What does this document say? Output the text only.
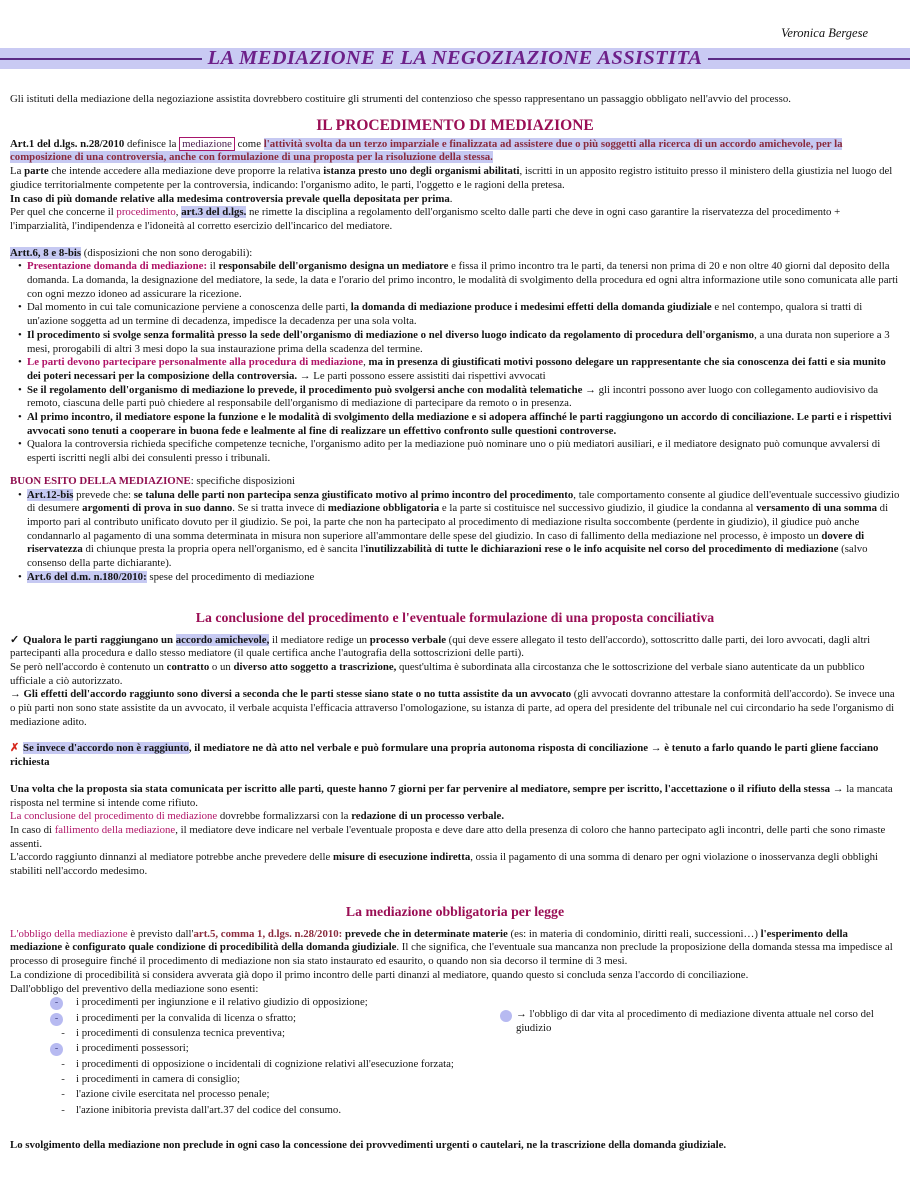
Veronica Bergese
LA MEDIAZIONE E LA NEGOZIAZIONE ASSISTITA
Gli istituti della mediazione della negoziazione assistita dovrebbero costituire gli strumenti del contenzioso che spesso rappresentano un passaggio obbligato nell'avvio del processo.
IL PROCEDIMENTO DI MEDIAZIONE
Art.1 del d.lgs. n.28/2010 definisce la mediazione come l'attività svolta da un terzo imparziale e finalizzata ad assistere due o più soggetti alla ricerca di un accordo amichevole, per la composizione di una controversia, anche con formulazione di una proposta per la risoluzione della stessa.
La parte che intende accedere alla mediazione deve proporre la relativa istanza presto uno degli organismi abilitati, iscritti in un apposito registro istituito presso il ministero della giustizia nel luogo del giudice territorialmente competente per la controversia, indicando: l'organismo adito, le parti, l'oggetto e le ragioni della pretesa.
In caso di più domande relative alla medesima controversia prevale quella depositata per prima.
Per quel che concerne il procedimento, art.3 del d.lgs. ne rimette la disciplina a regolamento dell'organismo scelto dalle parti che deve in ogni caso garantire la riservatezza del procedimento + l'imparzialità, l'indipendenza e l'idoneità al corretto esercizio dell'incarico del mediatore.
Artt.6, 8 e 8-bis (disposizioni che non sono derogabili):
• Presentazione domanda di mediazione: il responsabile dell'organismo designa un mediatore e fissa il primo incontro tra le parti, da tenersi non prima di 20 e non oltre 40 giorni dal deposito della domanda. La domanda, la designazione del mediatore, la sede, la data e l'orario del primo incontro, le modalità di svolgimento della procedura ed ogni altra informazione utile sono comunicata alle parti con ogni mezzo idoneo ad assicurare la ricezione.
• Dal momento in cui tale comunicazione perviene a conoscenza delle parti, la domanda di mediazione produce i medesimi effetti della domanda giudiziale e nel contempo, qualora si tratti di un'azione soggetta ad un termine di decadenza, impedisce la decadenza per una sola volta.
• Il procedimento si svolge senza formalità presso la sede dell'organismo di mediazione o nel diverso luogo indicato da regolamento di procedura dell'organismo, a una durata non superiore a 3 mesi, prorogabili di altri 3 mesi dopo la sua instaurazione prima della scadenza del termine.
• Le parti devono partecipare personalmente alla procedura di mediazione, ma in presenza di giustificati motivi possono delegare un rappresentante che sia conoscenza dei fatti e sia munito dei poteri necessari per la composizione della controversia. → Le parti possono essere assistiti dai rispettivi avvocati
• Se il regolamento dell'organismo di mediazione lo prevede, il procedimento può svolgersi anche con modalità telematiche → gli incontri possono aver luogo con collegamento audiovisivo da remoto, ciascuna delle parti può chiedere al responsabile dell'organismo di mediazione di partecipare da remoto o in presenza.
• Al primo incontro, il mediatore espone la funzione e le modalità di svolgimento della mediazione e si adopera affinché le parti raggiungono un accordo di conciliazione. Le parti e i rispettivi avvocati sono tenuti a cooperare in buona fede e lealmente al fine di realizzare un effettivo confronto sulle questioni controverse.
• Qualora la controversia richieda specifiche competenze tecniche, l'organismo adito per la mediazione può nominare uno o più mediatori ausiliari, e il mediatore designato può comunque avvalersi di esperti iscritti negli albi dei consulenti presso i tribunali.
BUON ESITO DELLA MEDIAZIONE: specifiche disposizioni
• Art.12-bis prevede che: se taluna delle parti non partecipa senza giustificato motivo al primo incontro del procedimento, tale comportamento consente al giudice dell'eventuale successivo giudizio di desumere argomenti di prova in suo danno. Se si tratta invece di mediazione obbligatoria e la parte si costituisce nel successivo giudizio, il giudice la condanna al versamento di una somma di importo pari al contributo unificato dovuto per il giudizio. Se poi, la parte che non ha partecipato al procedimento di mediazione risulta soccombente (perdente in giudizio), il giudice può anche condannarlo al pagamento di una somma determinata in misura non superiore all'ammontare delle spese del giudizio. In caso di fallimento della mediazione nel processo, è imposto un dovere di riservatezza di chiunque presta la propria opera nell'organismo, ed è sancita l'inutilizzabilità di tutte le dichiarazioni rese o le info acquisite nel corso del procedimento di mediazione (salvo consenso della parte dichiarante).
• Art.6 del d.m. n.180/2010: spese del procedimento di mediazione
La conclusione del procedimento e l'eventuale formulazione di una proposta conciliativa
✓ Qualora le parti raggiungano un accordo amichevole, il mediatore redige un processo verbale (qui deve essere allegato il testo dell'accordo), sottoscritto dalle parti, dei loro avvocati, dagli altri partecipanti alla procedura e dallo stesso mediatore (il quale certifica anche l'autografia della sottoscrizioni delle parti).
Se però nell'accordo è contenuto un contratto o un diverso atto soggetto a trascrizione, quest'ultima è subordinata alla circostanza che le sottoscrizione del verbale siano autenticate da un pubblico ufficiale a ciò autorizzato.
→ Gli effetti dell'accordo raggiunto sono diversi a seconda che le parti stesse siano state o no tutta assistite da un avvocato (gli avvocati dovranno attestare la conformità dell'accordo). Se invece una o più parti non sono state assistite da un avvocato, il verbale acquista l'efficacia attraverso l'omologazione, su istanza di parte, ad opera del presidente del tribunale nel cui circondario ha sede l'organismo di mediazione adito.
✗ Se invece d'accordo non è raggiunto, il mediatore ne dà atto nel verbale e può formulare una propria autonoma risposta di conciliazione → è tenuto a farlo quando le parti gliene facciano richiesta
Una volta che la proposta sia stata comunicata per iscritto alle parti, queste hanno 7 giorni per far pervenire al mediatore, sempre per iscritto, l'accettazione o il rifiuto della stessa → la mancata risposta nel termine si intende come rifiuto.
La conclusione del procedimento di mediazione dovrebbe formalizzarsi con la redazione di un processo verbale.
In caso di fallimento della mediazione, il mediatore deve indicare nel verbale l'eventuale proposta e deve dare atto della presenza di coloro che hanno partecipato agli incontri, delle parti che sono rimaste assenti.
L'accordo raggiunto dinnanzi al mediatore potrebbe anche prevedere delle misure di esecuzione indiretta, ossia il pagamento di una somma di denaro per ogni violazione o inosservanza degli obblighi stabiliti nell'accordo medesimo.
La mediazione obbligatoria per legge
L'obbligo della mediazione è previsto dall'art.5, comma 1, d.lgs. n.28/2010: prevede che in determinate materie (es: in materia di condominio, diritti reali, successioni…) l'esperimento della mediazione è configurato quale condizione di procedibilità della domanda giudiziale. Il che significa, che l'eventuale sua mancanza non preclude la proposizione della domanda stessa ma impedisce al processo di proseguire finché il procedimento di mediazione non sia stato instaurato ed esaurito, o quando non sia decorso il termine di 3 mesi.
La condizione di procedibilità si considera avverata già dopo il primo incontro delle parti dinanzi al mediatore, quando questo si concluda senza l'accordo di conciliazione.
Dall'obbligo del preventivo della mediazione sono esenti:
-	i procedimenti per ingiunzione e il relativo giudizio di opposizione;
-	i procedimenti per la convalida di licenza o sfratto;
-	i procedimenti di consulenza tecnica preventiva;
-	i procedimenti possessori;
-	i procedimenti di opposizione o incidentali di cognizione relativi all'esecuzione forzata;
-	i procedimenti in camera di consiglio;
-	l'azione civile esercitata nel processo penale;
-	l'azione inibitoria prevista dall'art.37 del codice del consumo.
→ l'obbligo di dar vita al procedimento di mediazione diventa attuale nel corso del giudizio
Lo svolgimento della mediazione non preclude in ogni caso la concessione dei provvedimenti urgenti o cautelari, ne la trascrizione della domanda giudiziale.
